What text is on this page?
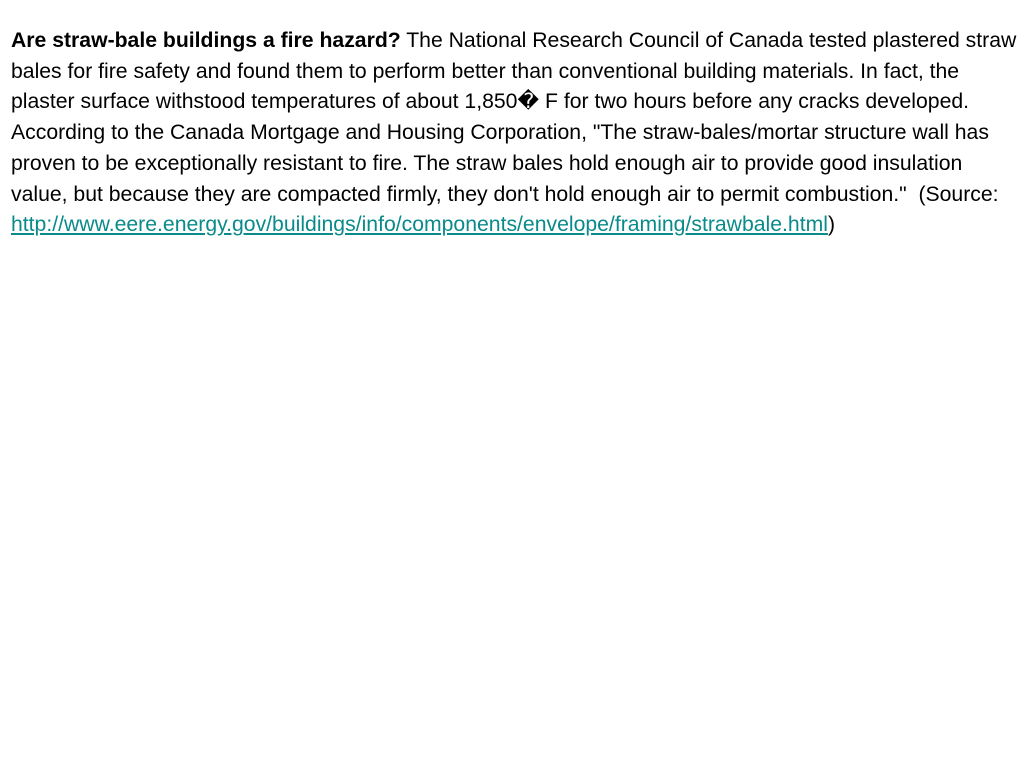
Are straw-bale buildings a fire hazard? The National Research Council of Canada tested plastered straw bales for fire safety and found them to perform better than conventional building materials. In fact, the plaster surface withstood temperatures of about 1,850� F for two hours before any cracks developed. According to the Canada Mortgage and Housing Corporation, "The straw-bales/mortar structure wall has proven to be exceptionally resistant to fire. The straw bales hold enough air to provide good insulation value, but because they are compacted firmly, they don't hold enough air to permit combustion." (Source:
http://www.eere.energy.gov/buildings/info/components/envelope/framing/strawbale.html)
